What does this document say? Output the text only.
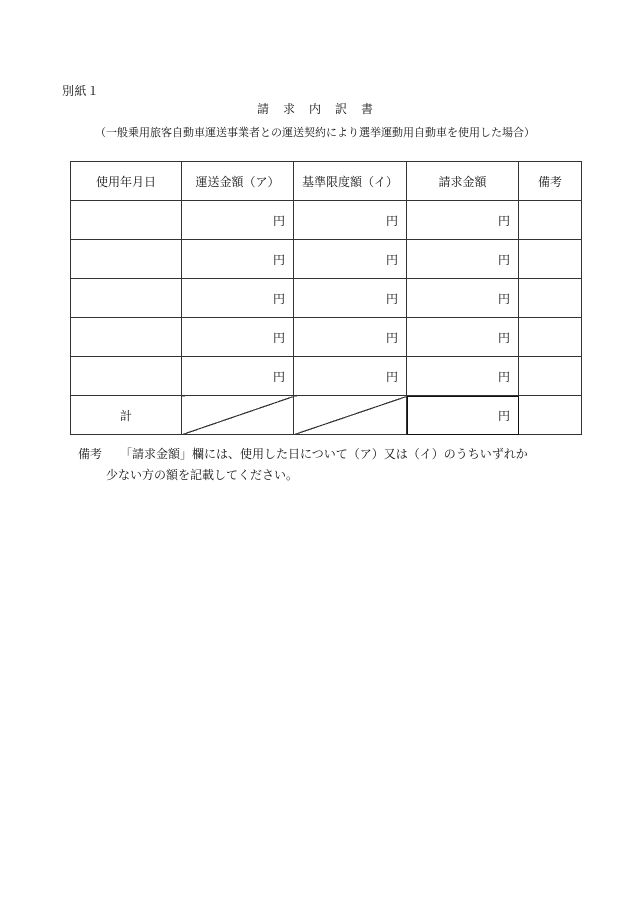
別紙１
請求内訳書
（一般乗用旅客自動車運送事業者との運送契約により選挙運動用自動車を使用した場合）
使用年月日	運送金額（ア）	基準限度額（イ）	請求金額	備考
	円	円	円	
	円	円	円	
	円	円	円	
	円	円	円	
	円	円	円	
計			円	
備考	「請求金額」欄には、使用した日について（ア）又は（イ）のうちいずれか
少ない方の額を記載してください。
